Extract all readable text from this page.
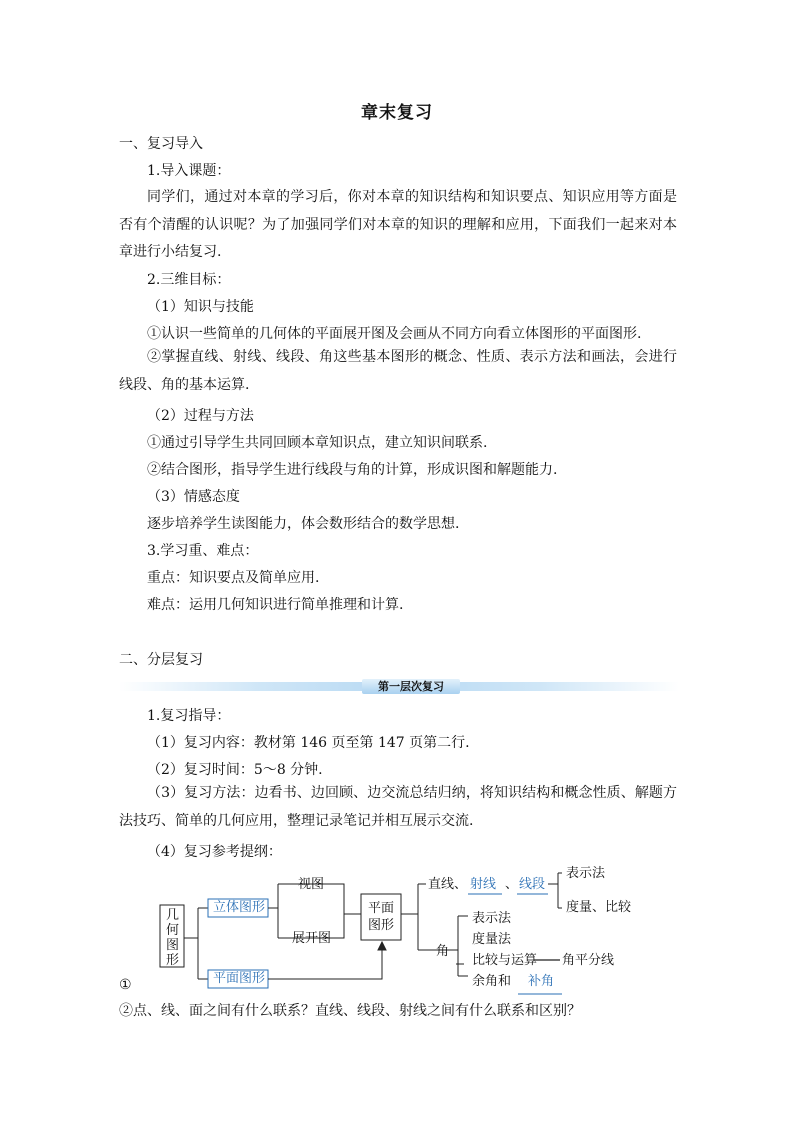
章末复习
一、复习导入
1.导入课题：
同学们，通过对本章的学习后，你对本章的知识结构和知识要点、知识应用等方面是否有个清醒的认识呢？为了加强同学们对本章的知识的理解和应用，下面我们一起来对本章进行小结复习.
2.三维目标：
（1）知识与技能
①认识一些简单的几何体的平面展开图及会画从不同方向看立体图形的平面图形.
②掌握直线、射线、线段、角这些基本图形的概念、性质、表示方法和画法，会进行线段、角的基本运算.
（2）过程与方法
①通过引导学生共同回顾本章知识点，建立知识间联系.
②结合图形，指导学生进行线段与角的计算，形成识图和解题能力.
（3）情感态度
逐步培养学生读图能力，体会数形结合的数学思想.
3.学习重、难点：
重点：知识要点及简单应用.
难点：运用几何知识进行简单推理和计算.
二、分层复习
第一层次复习
1.复习指导：
（1）复习内容：教材第 146 页至第 147 页第二行.
（2）复习时间：5～8 分钟.
（3）复习方法：边看书、边回顾、边交流总结归纳，将知识结构和概念性质、解题方法技巧、简单的几何应用，整理记录笔记并相互展示交流.
（4）复习参考提纲：
几
何
图
形
立体图形
平面图形
视图
展开图
平面
图形
直线、 射线 、 线段
表示法
度量、比较
角
表示法
度量法
比较与运算 角平分线
余角和 补角
①
②点、线、面之间有什么联系？直线、线段、射线之间有什么联系和区别？
